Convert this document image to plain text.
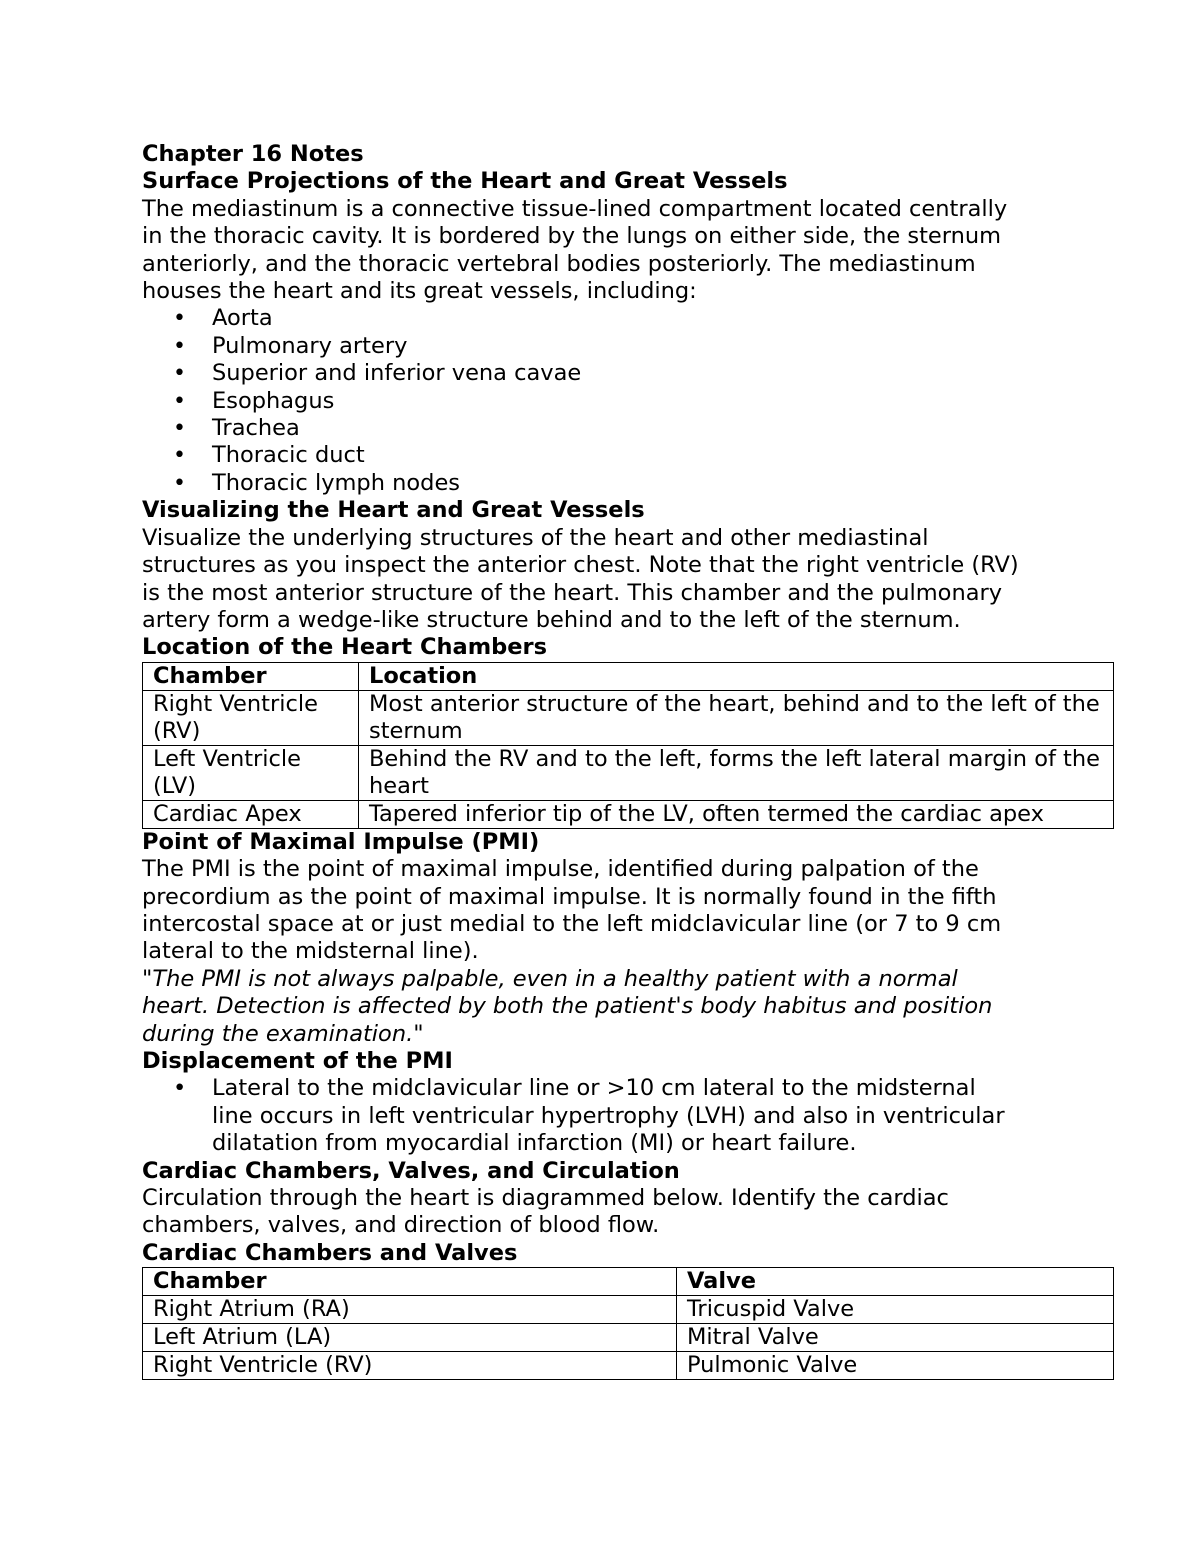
Chapter 16 Notes
Surface Projections of the Heart and Great Vessels
The mediastinum is a connective tissue-lined compartment located centrally
in the thoracic cavity. It is bordered by the lungs on either side, the sternum
anteriorly, and the thoracic vertebral bodies posteriorly. The mediastinum
houses the heart and its great vessels, including:
• Aorta
• Pulmonary artery
• Superior and inferior vena cavae
• Esophagus
• Trachea
• Thoracic duct
• Thoracic lymph nodes
Visualizing the Heart and Great Vessels
Visualize the underlying structures of the heart and other mediastinal
structures as you inspect the anterior chest. Note that the right ventricle (RV)
is the most anterior structure of the heart. This chamber and the pulmonary
artery form a wedge-like structure behind and to the left of the sternum.
Location of the Heart Chambers
Chamber	Location
Right Ventricle (RV)	Most anterior structure of the heart, behind and to the left of the sternum
Left Ventricle (LV)	Behind the RV and to the left, forms the left lateral margin of the heart
Cardiac Apex	Tapered inferior tip of the LV, often termed the cardiac apex
Point of Maximal Impulse (PMI)
The PMI is the point of maximal impulse, identified during palpation of the
precordium as the point of maximal impulse. It is normally found in the fifth
intercostal space at or just medial to the left midclavicular line (or 7 to 9 cm
lateral to the midsternal line).
"The PMI is not always palpable, even in a healthy patient with a normal
heart. Detection is affected by both the patient's body habitus and position
during the examination."
Displacement of the PMI
• Lateral to the midclavicular line or >10 cm lateral to the midsternal
line occurs in left ventricular hypertrophy (LVH) and also in ventricular
dilatation from myocardial infarction (MI) or heart failure.
Cardiac Chambers, Valves, and Circulation
Circulation through the heart is diagrammed below. Identify the cardiac
chambers, valves, and direction of blood flow.
Cardiac Chambers and Valves
Chamber	Valve
Right Atrium (RA)	Tricuspid Valve
Left Atrium (LA)	Mitral Valve
Right Ventricle (RV)	Pulmonic Valve
